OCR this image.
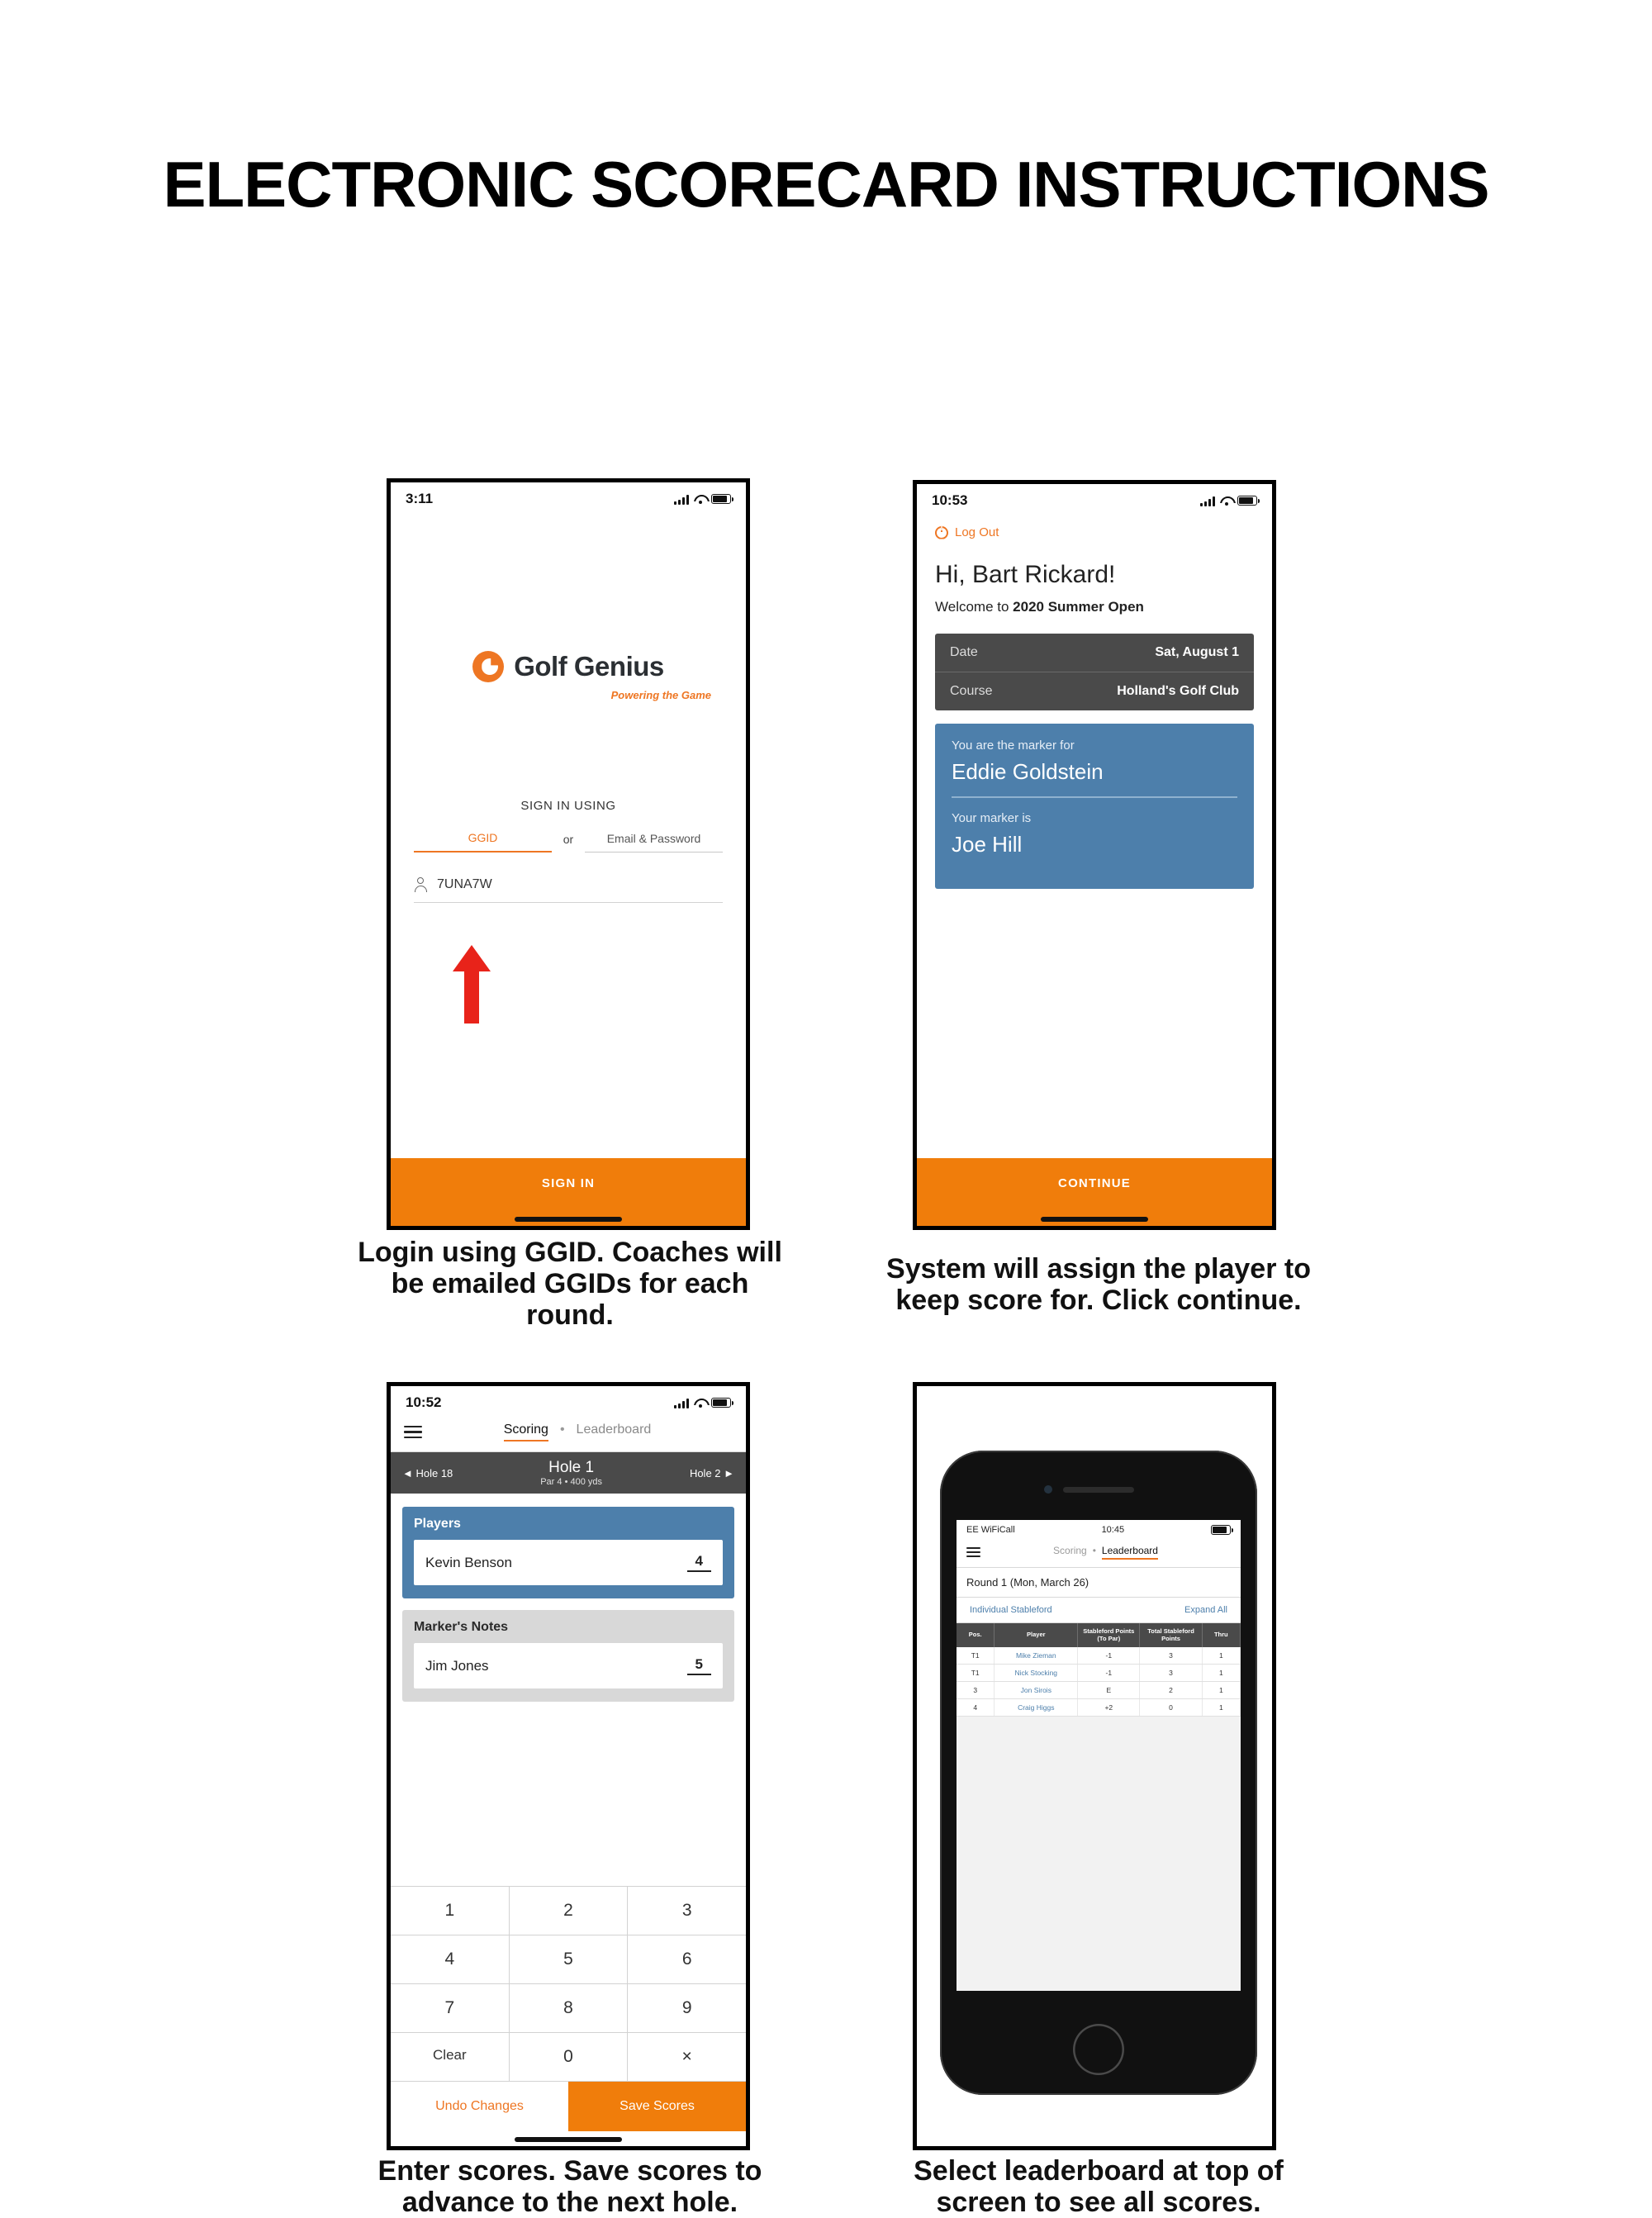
ELECTRONIC SCORECARD INSTRUCTIONS
3:11
Golf Genius
Powering the Game
SIGN IN USING
GGID	or	Email & Password
7UNA7W
SIGN IN
10:53
Log Out
Hi, Bart Rickard!
Welcome to 2020 Summer Open
Date	Sat, August 1
Course	Holland's Golf Club
You are the marker for
Eddie Goldstein
Your marker is
Joe Hill
CONTINUE
10:52
Scoring • Leaderboard
◄ Hole 18	Hole 1
Par 4 • 400 yds
Hole 2 ►
Players
Kevin Benson	4
Marker's Notes
Jim Jones	5
1	2	3
4	5	6
7	8	9
Clear	0	×
Undo Changes	Save Scores
EE WiFiCall	10:45
Scoring • Leaderboard
Round 1 (Mon, March 26)
Individual Stableford	Expand All
Pos.	Player	Stableford Points (To Par)	Total Stableford Points	Thru
T1	Mike Zieman	-1	3	1
T1	Nick Stocking	-1	3	1
3	Jon Sirois	E	2	1
4	Craig Higgs	+2	0	1
Login using GGID. Coaches will be emailed GGIDs for each round.
System will assign the player to keep score for. Click continue.
Enter scores. Save scores to advance to the next hole.
Select leaderboard at top of screen to see all scores.
